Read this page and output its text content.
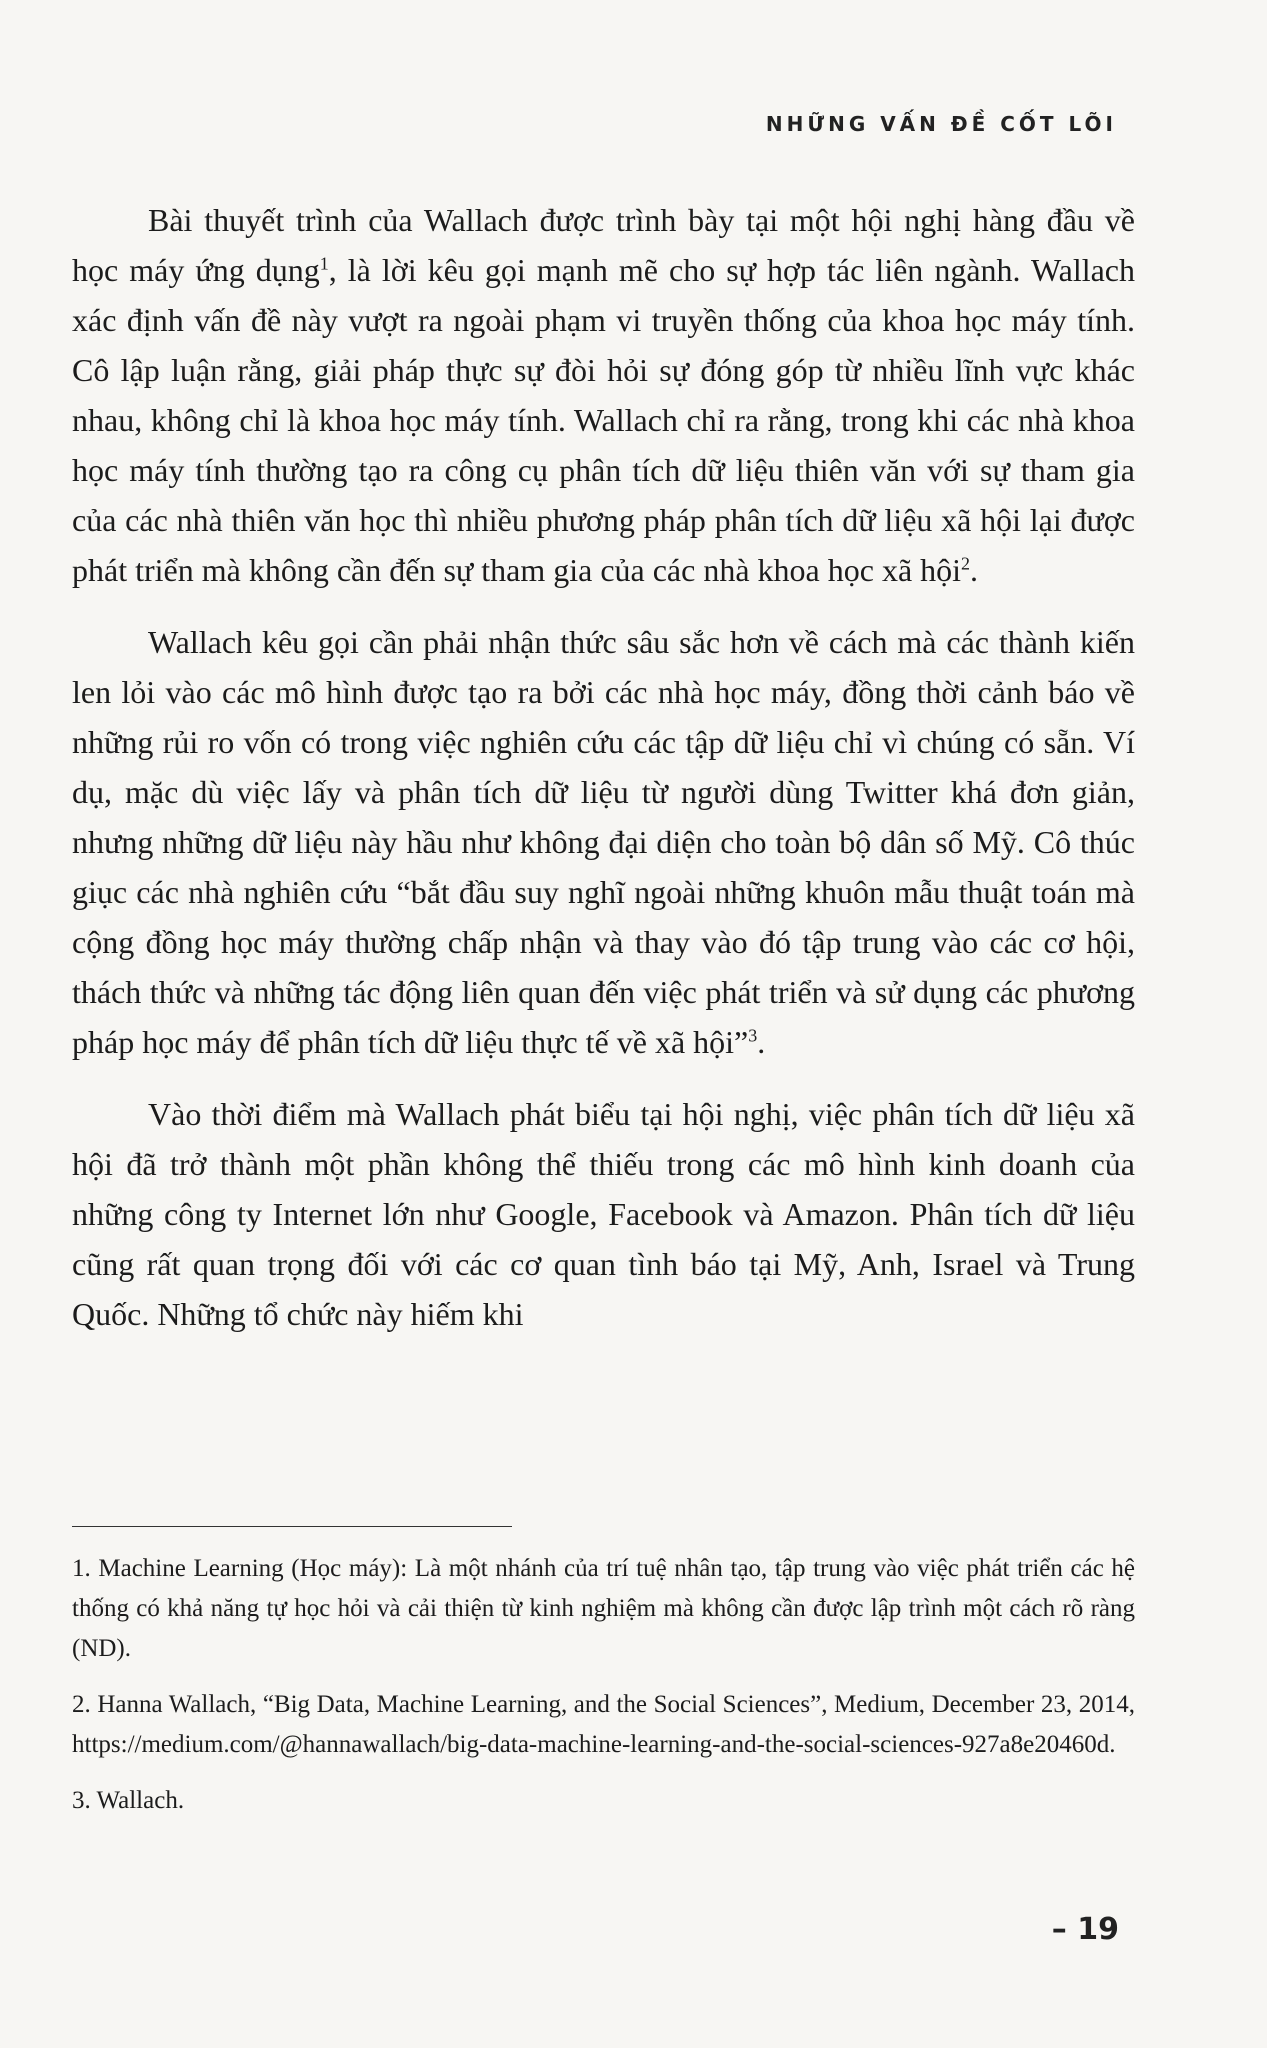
NHỮNG VẤN ĐỀ CỐT LÕI

Bài thuyết trình của Wallach được trình bày tại một hội nghị hàng đầu về học máy ứng dụng$^1$, là lời kêu gọi mạnh mẽ cho sự hợp tác liên ngành. Wallach xác định vấn đề này vượt ra ngoài phạm vi truyền thống của khoa học máy tính. Cô lập luận rằng, giải pháp thực sự đòi hỏi sự đóng góp từ nhiều lĩnh vực khác nhau, không chỉ là khoa học máy tính. Wallach chỉ ra rằng, trong khi các nhà khoa học máy tính thường tạo ra công cụ phân tích dữ liệu thiên văn với sự tham gia của các nhà thiên văn học thì nhiều phương pháp phân tích dữ liệu xã hội lại được phát triển mà không cần đến sự tham gia của các nhà khoa học xã hội$^2$.

Wallach kêu gọi cần phải nhận thức sâu sắc hơn về cách mà các thành kiến len lỏi vào các mô hình được tạo ra bởi các nhà học máy, đồng thời cảnh báo về những rủi ro vốn có trong việc nghiên cứu các tập dữ liệu chỉ vì chúng có sẵn. Ví dụ, mặc dù việc lấy và phân tích dữ liệu từ người dùng Twitter khá đơn giản, nhưng những dữ liệu này hầu như không đại diện cho toàn bộ dân số Mỹ. Cô thúc giục các nhà nghiên cứu “bắt đầu suy nghĩ ngoài những khuôn mẫu thuật toán mà cộng đồng học máy thường chấp nhận và thay vào đó tập trung vào các cơ hội, thách thức và những tác động liên quan đến việc phát triển và sử dụng các phương pháp học máy để phân tích dữ liệu thực tế về xã hội”$^3$.

Vào thời điểm mà Wallach phát biểu tại hội nghị, việc phân tích dữ liệu xã hội đã trở thành một phần không thể thiếu trong các mô hình kinh doanh của những công ty Internet lớn như Google, Facebook và Amazon. Phân tích dữ liệu cũng rất quan trọng đối với các cơ quan tình báo tại Mỹ, Anh, Israel và Trung Quốc. Những tổ chức này hiếm khi

1. Machine Learning (Học máy): Là một nhánh của trí tuệ nhân tạo, tập trung vào việc phát triển các hệ thống có khả năng tự học hỏi và cải thiện từ kinh nghiệm mà không cần được lập trình một cách rõ ràng (ND).

2. Hanna Wallach, “Big Data, Machine Learning, and the Social Sciences”, Medium, December 23, 2014, https://medium.com/@hannawallach/big-data-machine-learning-and-the-social-sciences-927a8e20460d.

3. Wallach.

– 19
